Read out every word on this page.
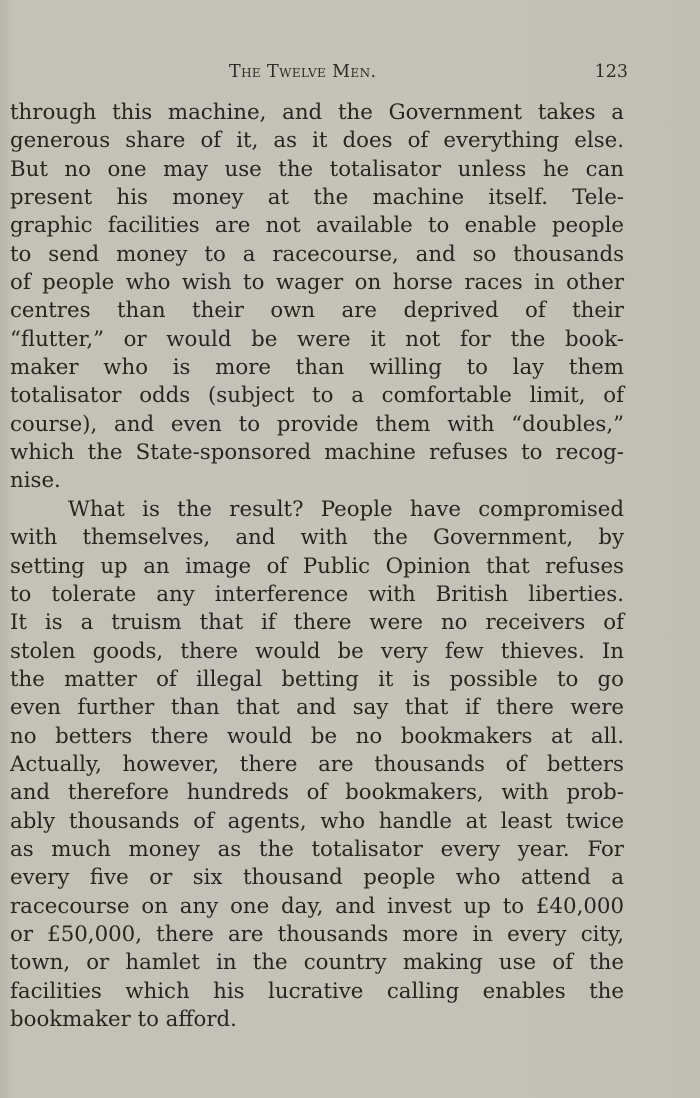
The Twelve Men.	123
through this machine, and the Government takes a
generous share of it, as it does of everything else.
But no one may use the totalisator unless he can
present his money at the machine itself. Tele-
graphic facilities are not available to enable people
to send money to a racecourse, and so thousands
of people who wish to wager on horse races in other
centres than their own are deprived of their
“flutter,” or would be were it not for the book-
maker who is more than willing to lay them
totalisator odds (subject to a comfortable limit, of
course), and even to provide them with “doubles,”
which the State-sponsored machine refuses to recog-
nise.
What is the result? People have compromised
with themselves, and with the Government, by
setting up an image of Public Opinion that refuses
to tolerate any interference with British liberties.
It is a truism that if there were no receivers of
stolen goods, there would be very few thieves. In
the matter of illegal betting it is possible to go
even further than that and say that if there were
no betters there would be no bookmakers at all.
Actually, however, there are thousands of betters
and therefore hundreds of bookmakers, with prob-
ably thousands of agents, who handle at least twice
as much money as the totalisator every year. For
every five or six thousand people who attend a
racecourse on any one day, and invest up to £40,000
or £50,000, there are thousands more in every city,
town, or hamlet in the country making use of the
facilities which his lucrative calling enables the
bookmaker to afford.
